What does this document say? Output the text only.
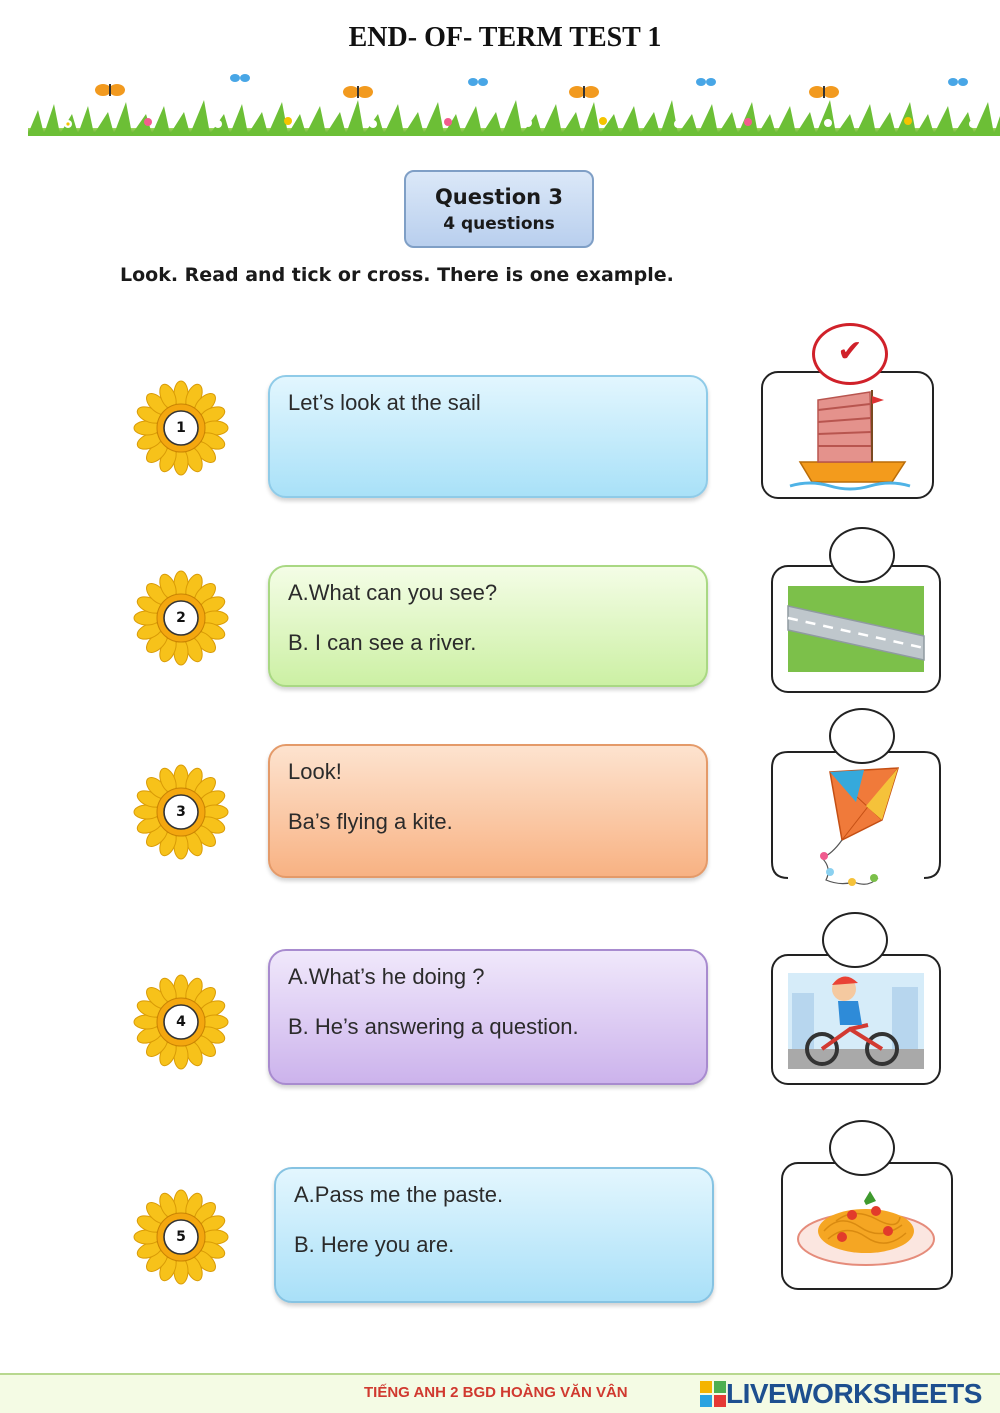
END- OF- TERM TEST 1
Question 3
4 questions
Look. Read and tick or cross. There is one example.
1
Let’s look at the sail
✔
2
A.What can you see?
B. I can see a river.
3
Look!
Ba’s flying a kite.
4
A.What’s he doing ?
B. He’s answering a question.
5
A.Pass me the paste.
B. Here you are.
TIẾNG ANH 2 BGD HOÀNG VĂN VÂN	LIVEWORKSHEETS
